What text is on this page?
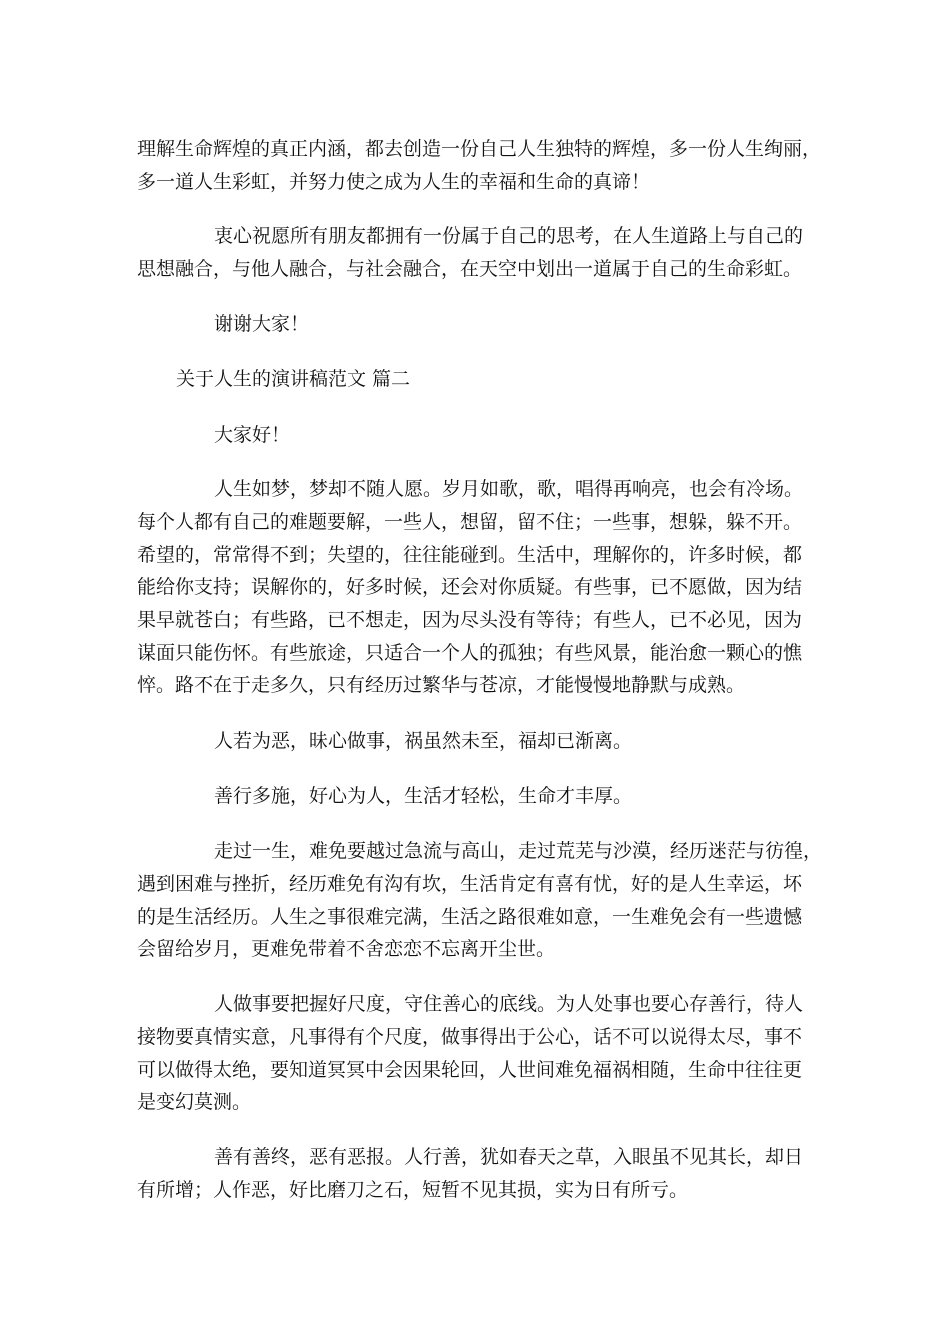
理解生命辉煌的真正内涵，都去创造一份自己人生独特的辉煌，多一份人生绚丽，
多一道人生彩虹，并努力使之成为人生的幸福和生命的真谛！
衷心祝愿所有朋友都拥有一份属于自己的思考，在人生道路上与自己的
思想融合，与他人融合，与社会融合，在天空中划出一道属于自己的生命彩虹。
谢谢大家！
关于人生的演讲稿范文 篇二
大家好！
人生如梦，梦却不随人愿。岁月如歌，歌，唱得再响亮，也会有冷场。
每个人都有自己的难题要解，一些人，想留，留不住；一些事，想躲，躲不开。
希望的，常常得不到；失望的，往往能碰到。生活中，理解你的，许多时候，都
能给你支持；误解你的，好多时候，还会对你质疑。有些事，已不愿做，因为结
果早就苍白；有些路，已不想走，因为尽头没有等待；有些人，已不必见，因为
谋面只能伤怀。有些旅途，只适合一个人的孤独；有些风景，能治愈一颗心的憔
悴。路不在于走多久，只有经历过繁华与苍凉，才能慢慢地静默与成熟。
人若为恶，昧心做事，祸虽然未至，福却已渐离。
善行多施，好心为人，生活才轻松，生命才丰厚。
走过一生，难免要越过急流与高山，走过荒芜与沙漠，经历迷茫与彷徨，
遇到困难与挫折，经历难免有沟有坎，生活肯定有喜有忧，好的是人生幸运，坏
的是生活经历。人生之事很难完满，生活之路很难如意，一生难免会有一些遗憾
会留给岁月，更难免带着不舍恋恋不忘离开尘世。
人做事要把握好尺度，守住善心的底线。为人处事也要心存善行，待人
接物要真情实意，凡事得有个尺度，做事得出于公心，话不可以说得太尽，事不
可以做得太绝，要知道冥冥中会因果轮回，人世间难免福祸相随，生命中往往更
是变幻莫测。
善有善终，恶有恶报。人行善，犹如春天之草，入眼虽不见其长，却日
有所增；人作恶，好比磨刀之石，短暂不见其损，实为日有所亏。
